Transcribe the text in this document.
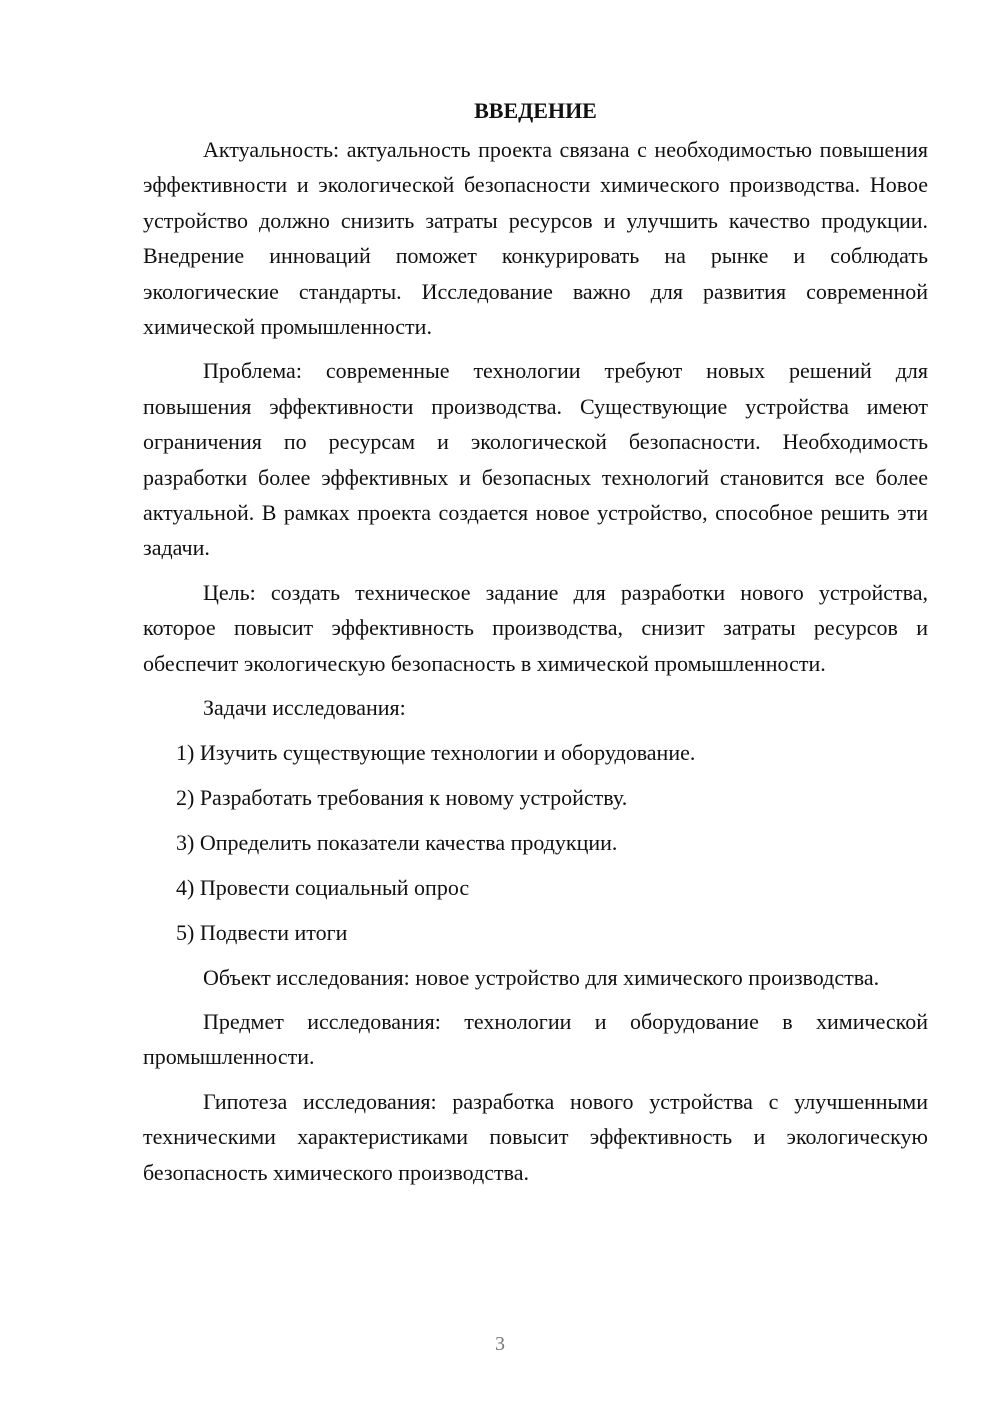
ВВЕДЕНИЕ

Актуальность: актуальность проекта связана с необходимостью повышения эффективности и экологической безопасности химического производства. Новое устройство должно снизить затраты ресурсов и улучшить качество продукции. Внедрение инноваций поможет конкурировать на рынке и соблюдать экологические стандарты. Исследование важно для развития современной химической промышленности.

Проблема: современные технологии требуют новых решений для повышения эффективности производства. Существующие устройства имеют ограничения по ресурсам и экологической безопасности. Необходимость разработки более эффективных и безопасных технологий становится все более актуальной. В рамках проекта создается новое устройство, способное решить эти задачи.

Цель: создать техническое задание для разработки нового устройства, которое повысит эффективность производства, снизит затраты ресурсов и обеспечит экологическую безопасность в химической промышленности.

Задачи исследования:

1) Изучить существующие технологии и оборудование.
2) Разработать требования к новому устройству.
3) Определить показатели качества продукции.
4) Провести социальный опрос
5) Подвести итоги

Объект исследования: новое устройство для химического производства.

Предмет исследования: технологии и оборудование в химической промышленности.

Гипотеза исследования: разработка нового устройства с улучшенными техническими характеристиками повысит эффективность и экологическую безопасность химического производства.

3
